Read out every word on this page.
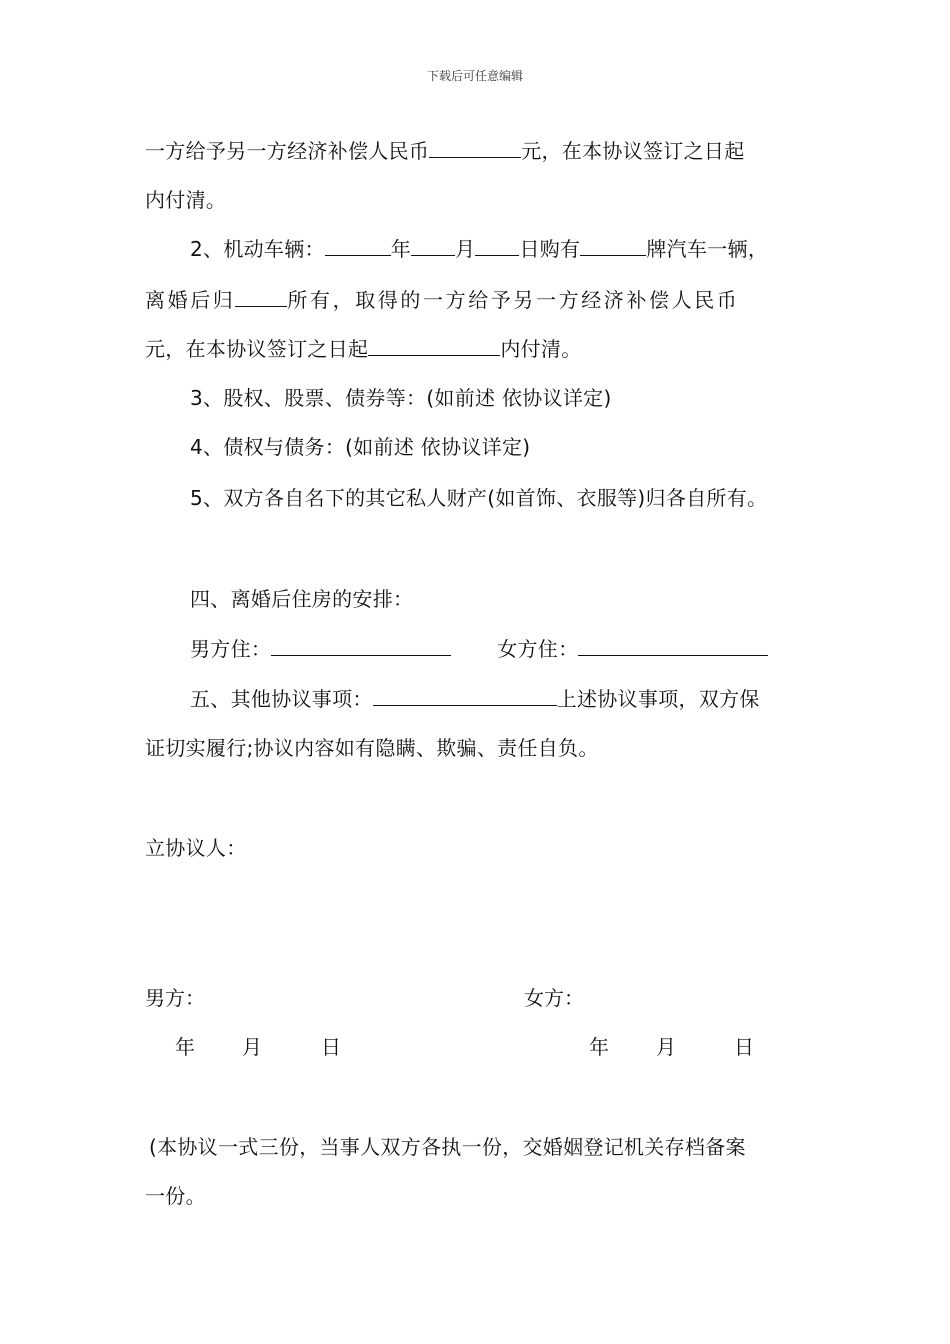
下载后可任意编辑
一方给予另一方经济补偿人民币	元，在本协议签订之日起
内付清。
2、机动车辆：	年 月 日购有	牌汽车一辆，
离婚后归	所有，取得的一方给予另一方经济补偿人民币
元，在本协议签订之日起	内付清。
3、股权、股票、债券等：(如前述 依协议详定)
4、债权与债务：(如前述 依协议详定)
5、双方各自名下的其它私人财产(如首饰、衣服等)归各自所有。
四、离婚后住房的安排：
男方住：	女方住：
五、其他协议事项：	上述协议事项，双方保
证切实履行;协议内容如有隐瞒、欺骗、责任自负。
立协议人：
男方：	女方：
年 月	日	年 月	日
(本协议一式三份，当事人双方各执一份，交婚姻登记机关存档备案
一份。
